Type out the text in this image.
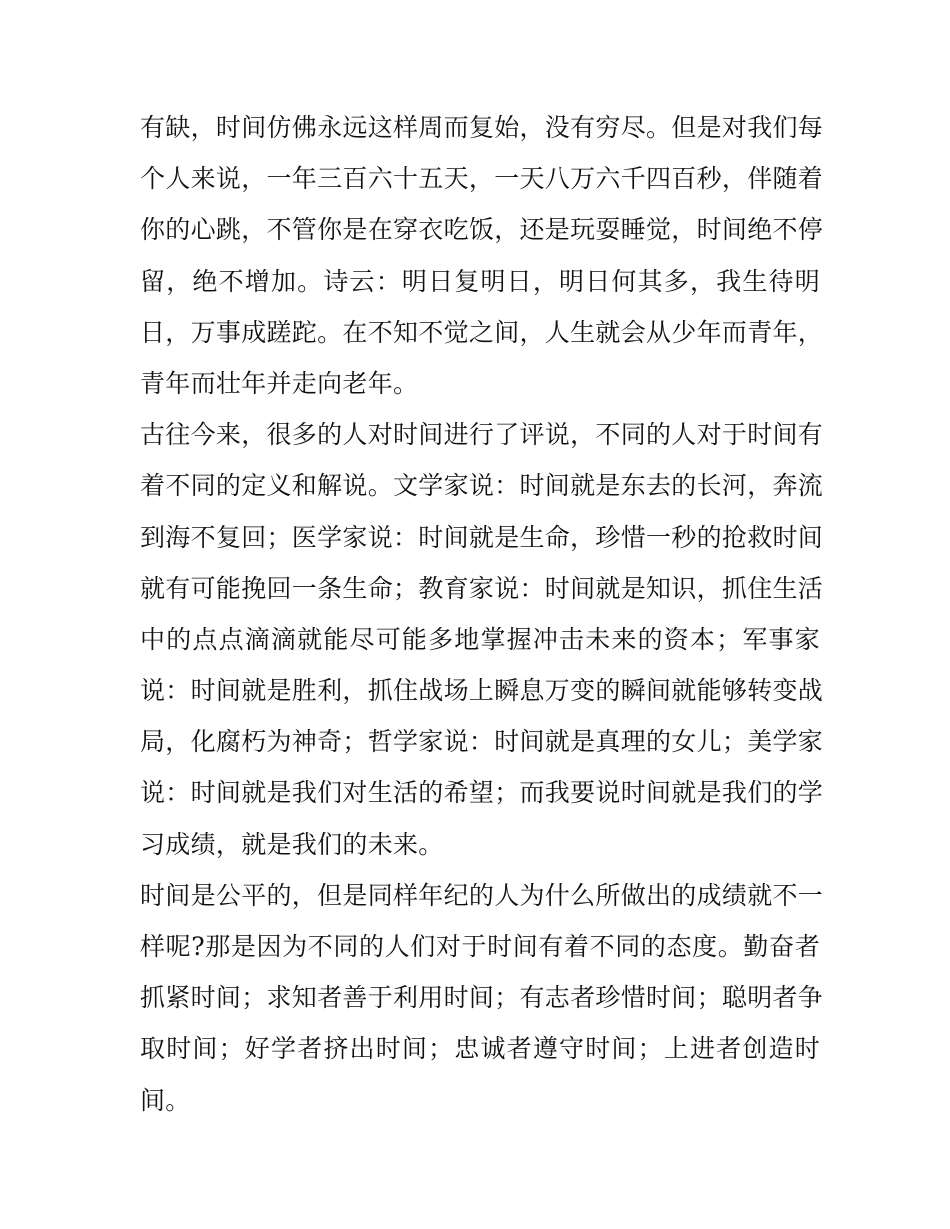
有缺，时间仿佛永远这样周而复始，没有穷尽。但是对我们每
个人来说，一年三百六十五天，一天八万六千四百秒，伴随着
你的心跳，不管你是在穿衣吃饭，还是玩耍睡觉，时间绝不停
留，绝不增加。诗云：明日复明日，明日何其多，我生待明
日，万事成蹉跎。在不知不觉之间，人生就会从少年而青年，
青年而壮年并走向老年。
古往今来，很多的人对时间进行了评说，不同的人对于时间有
着不同的定义和解说。文学家说：时间就是东去的长河，奔流
到海不复回；医学家说：时间就是生命，珍惜一秒的抢救时间
就有可能挽回一条生命；教育家说：时间就是知识，抓住生活
中的点点滴滴就能尽可能多地掌握冲击未来的资本；军事家
说：时间就是胜利，抓住战场上瞬息万变的瞬间就能够转变战
局，化腐朽为神奇；哲学家说：时间就是真理的女儿；美学家
说：时间就是我们对生活的希望；而我要说时间就是我们的学
习成绩，就是我们的未来。
时间是公平的，但是同样年纪的人为什么所做出的成绩就不一
样呢?那是因为不同的人们对于时间有着不同的态度。勤奋者
抓紧时间；求知者善于利用时间；有志者珍惜时间；聪明者争
取时间；好学者挤出时间；忠诚者遵守时间；上进者创造时
间。
